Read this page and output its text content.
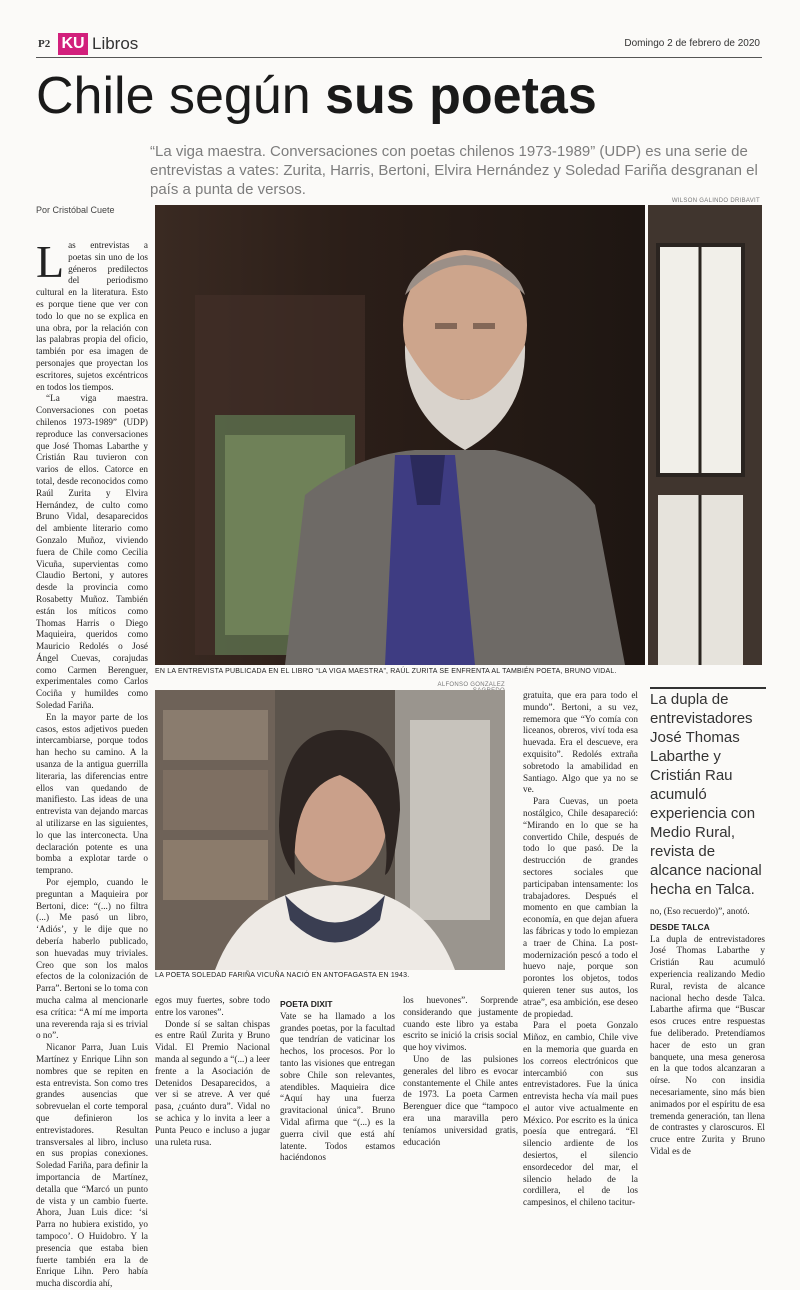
P2 KU Libros	Domingo 2 de febrero de 2020
Chile según sus poetas
“La viga maestra. Conversaciones con poetas chilenos 1973-1989” (UDP) es una serie de entrevistas a vates: Zurita, Harris, Bertoni, Elvira Hernández y Soledad Fariña desgranan el país a punta de versos.
Por Cristóbal Cuete
WILSON GALINDO DRIBAVIT
EN LA ENTREVISTA PUBLICADA EN EL LIBRO “LA VIGA MAESTRA”, RAÚL ZURITA SE ENFRENTA AL TAMBIÉN POETA, BRUNO VIDAL.
ALFONSO GONZALEZ
LA POETA SOLEDAD FARIÑA VICUÑA NACIÓ EN ANTOFAGASTA EN 1943.
La dupla de entrevistadores José Thomas Labarthe y Cristián Rau acumuló experiencia con Medio Rural, revista de alcance nacional hecha en Talca.

Las entrevistas a poetas sin uno de los géneros predilectos del periodismo cultural en la literatura. Esto es porque tiene que ver con todo lo que no se explica en una obra, por la relación con las palabras propia del oficio, también por esa imagen de personajes que proyectan los escritores, sujetos excéntricos en todos los tiempos.

“La viga maestra. Conversaciones con poetas chilenos 1973-1989” (UDP) reproduce las conversaciones que José Thomas Labarthe y Cristián Rau tuvieron con varios de ellos. Catorce en total, desde reconocidos como Raúl Zurita y Elvira Hernández, de culto como Bruno Vidal, desaparecidos del ambiente literario como Gonzalo Muñoz, viviendo fuera de Chile como Cecilia Vicuña, supervientas como Claudio Bertoni, y autores desde la provincia como Rosabetty Muñoz. También están los míticos como Thomas Harris o Diego Maquieira, queridos como Mauricio Redolés o José Ángel Cuevas, corajudas como Carmen Berenguer, experimentales como Carlos Cociña y humildes como Soledad Fariña.

En la mayor parte de los casos, estos adjetivos pueden intercambiarse, porque todos han hecho su camino. A la usanza de la antigua guerrilla literaria, las diferencias entre ellos van quedando de manifiesto. Las ideas de una entrevista van dejando marcas al utilizarse en las siguientes, lo que las interconecta. Una declaración potente es una bomba a explotar tarde o temprano.

Por ejemplo, cuando le preguntan a Maquieira por Bertoni, dice: “(...) no filtra (...) Me pasó un libro, ‘Adiós’, y le dije que no debería haberlo publicado, son huevadas muy triviales. Creo que son los malos efectos de la colonización de Parra”. Bertoni se lo toma con mucha calma al mencionarle esa crítica: “A mí me importa una reverenda raja si es trivial o no”.

Nicanor Parra, Juan Luis Martínez y Enrique Lihn son nombres que se repiten en esta entrevista. Son como tres grandes ausencias que sobrevuelan el corte temporal que definieron los entrevistadores. Resultan transversales al libro, incluso en sus propias conexiones. Soledad Fariña, para definir la importancia de Martínez, detalla que “Marcó un punto de vista y un cambio fuerte. Ahora, Juan Luis dice: ‘si Parra no hubiera existido, yo tampoco’. O Huidobro. Y la presencia que estaba bien fuerte también era la de Enrique Lihn. Pero había mucha discordia ahí,

egos muy fuertes, sobre todo entre los varones”.

Donde sí se saltan chispas es entre Raúl Zurita y Bruno Vidal. El Premio Nacional manda al segundo a “(...) a leer frente a la Asociación de Detenidos Desaparecidos, a ver si se atreve. A ver qué pasa, ¿cuánto dura”. Vidal no se achica y lo invita a leer a Punta Peuco e incluso a jugar una ruleta rusa.

POETA DIXIT

Vate se ha llamado a los grandes poetas, por la facultad que tendrían de vaticinar los hechos, los procesos. Por lo tanto las visiones que entregan sobre Chile son relevantes, atendibles. Maquieira dice “Aquí hay una fuerza gravitacional única”. Bruno Vidal afirma que “(...) es la guerra civil que está ahí latente. Todos estamos haciéndonos

los huevones”. Sorprende considerando que justamente cuando este libro ya estaba escrito se inició la crisis social que hoy vivimos.

Uno de las pulsiones generales del libro es evocar constantemente el Chile antes de 1973. La poeta Carmen Berenguer dice que “tampoco era una maravilla pero teníamos universidad gratis, educación

gratuita, que era para todo el mundo”. Bertoni, a su vez, rememora que “Yo comía con liceanos, obreros, viví toda esa huevada. Era el descueve, era exquisito”. Redolés extraña sobretodo la amabilidad en Santiago. Algo que ya no se ve.

Para Cuevas, un poeta nostálgico, Chile desapareció: “Mirando en lo que se ha convertido Chile, después de todo lo que pasó. De la destrucción de grandes sectores sociales que participaban intensamente: los trabajadores. Después el momento en que cambian la economía, en que dejan afuera las fábricas y todo lo empiezan a traer de China. La post-modernización pescó a todo el huevo naje, porque son porontes los objetos, todos quieren tener sus autos, los atrae”, esa ambición, ese deseo de propiedad.

Para el poeta Gonzalo Miñoz, en cambio, Chile vive en la memoria que guarda en los correos electrónicos que intercambió con sus entrevistadores. Fue la única entrevista hecha vía mail pues el autor vive actualmente en México. Por escrito es la única poesía que entregará. “El silencio ardiente de los desiertos, el silencio ensordecedor del mar, el silencio helado de la cordillera, el de los campesinos, el chileno tacitur-

no, (Eso recuerdo)”, anotó.

DESDE TALCA

La dupla de entrevistadores José Thomas Labarthe y Cristián Rau acumuló experiencia realizando Medio Rural, revista de alcance nacional hecho desde Talca. Labarthe afirma que “Buscar esos cruces entre respuestas fue deliberado. Pretendíamos hacer de esto un gran banquete, una mesa generosa en la que todos alcanzaran a oírse. No con insidia necesariamente, sino más bien animados por el espíritu de esa tremenda generación, tan llena de contrastes y claroscuros. El cruce entre Zurita y Bruno Vidal es de
